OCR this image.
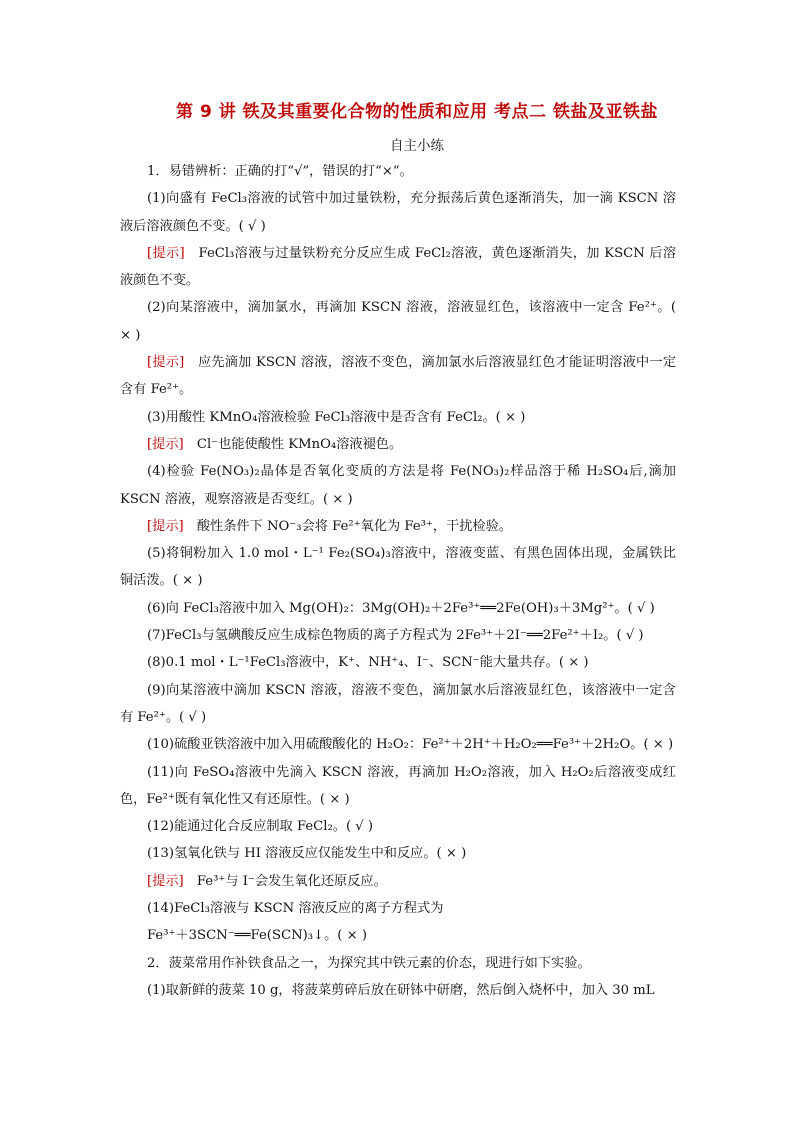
第 9 讲 铁及其重要化合物的性质和应用 考点二 铁盐及亚铁盐
自主小练

1．易错辨析：正确的打“√”，错误的打“×”。

(1)向盛有 FeCl₃溶液的试管中加过量铁粉，充分振荡后黄色逐渐消失，加一滴 KSCN 溶液后溶液颜色不变。( √ )

[提示]　 FeCl₃溶液与过量铁粉充分反应生成 FeCl₂溶液，黄色逐渐消失，加 KSCN 后溶液颜色不变。

(2)向某溶液中，滴加氯水，再滴加 KSCN 溶液，溶液显红色，该溶液中一定含 Fe²⁺。( × )

[提示]　 应先滴加 KSCN 溶液，溶液不变色，滴加氯水后溶液显红色才能证明溶液中一定含有 Fe²⁺。

(3)用酸性 KMnO₄溶液检验 FeCl₃溶液中是否含有 FeCl₂。( × )

[提示]　 Cl⁻也能使酸性 KMnO₄溶液褪色。

(4)检验 Fe(NO₃)₂晶体是否氧化变质的方法是将 Fe(NO₃)₂样品溶于稀 H₂SO₄后,滴加 KSCN 溶液，观察溶液是否变红。( × )

[提示]　 酸性条件下 NO⁻₃会将 Fe²⁺氧化为 Fe³⁺，干扰检验。

(5)将铜粉加入 1.0 mol・L⁻¹ Fe₂(SO₄)₃溶液中，溶液变蓝、有黑色固体出现，金属铁比铜活泼。( × )

(6)向 FeCl₃溶液中加入 Mg(OH)₂：3Mg(OH)₂＋2Fe³⁺══2Fe(OH)₃＋3Mg²⁺。( √ )

(7)FeCl₃与氢碘酸反应生成棕色物质的离子方程式为 2Fe³⁺＋2I⁻══2Fe²⁺＋I₂。( √ )

(8)0.1 mol・L⁻¹FeCl₃溶液中，K⁺、NH⁺₄、I⁻、SCN⁻能大量共存。( × )

(9)向某溶液中滴加 KSCN 溶液，溶液不变色，滴加氯水后溶液显红色，该溶液中一定含有 Fe²⁺。( √ )

(10)硫酸亚铁溶液中加入用硫酸酸化的 H₂O₂：Fe²⁺＋2H⁺＋H₂O₂══Fe³⁺＋2H₂O。( × )

(11)向 FeSO₄溶液中先滴入 KSCN 溶液，再滴加 H₂O₂溶液，加入 H₂O₂后溶液变成红色，Fe²⁺既有氧化性又有还原性。( × )

(12)能通过化合反应制取 FeCl₂。( √ )

(13)氢氧化铁与 HI 溶液反应仅能发生中和反应。( × )

[提示]　 Fe³⁺与 I⁻会发生氧化还原反应。

(14)FeCl₃溶液与 KSCN 溶液反应的离子方程式为

Fe³⁺＋3SCN⁻══Fe(SCN)₃↓。( × )

2．菠菜常用作补铁食品之一，为探究其中铁元素的价态，现进行如下实验。

(1)取新鲜的菠菜 10 g，将菠菜剪碎后放在研钵中研磨，然后倒入烧杯中，加入 30 mL
